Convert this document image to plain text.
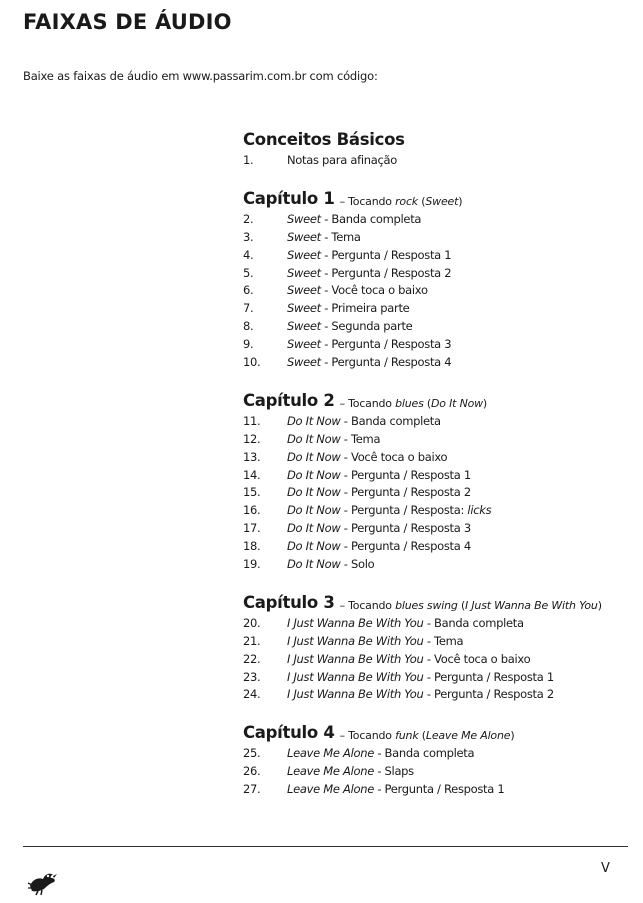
FAIXAS DE ÁUDIO
Baixe as faixas de áudio em www.passarim.com.br com código:
Conceitos Básicos
1.	Notas para afinação
Capítulo 1 – Tocando rock (Sweet)
2.	Sweet - Banda completa
3.	Sweet - Tema
4.	Sweet - Pergunta / Resposta 1
5.	Sweet - Pergunta / Resposta 2
6.	Sweet - Você toca o baixo
7.	Sweet - Primeira parte
8.	Sweet - Segunda parte
9.	Sweet - Pergunta / Resposta 3
10.	Sweet - Pergunta / Resposta 4
Capítulo 2 – Tocando blues (Do It Now)
11.	Do It Now - Banda completa
12.	Do It Now - Tema
13.	Do It Now - Você toca o baixo
14.	Do It Now - Pergunta / Resposta 1
15.	Do It Now - Pergunta / Resposta 2
16.	Do It Now - Pergunta / Resposta: licks
17.	Do It Now - Pergunta / Resposta 3
18.	Do It Now - Pergunta / Resposta 4
19.	Do It Now - Solo
Capítulo 3 – Tocando blues swing (I Just Wanna Be With You)
20.	I Just Wanna Be With You - Banda completa
21.	I Just Wanna Be With You - Tema
22.	I Just Wanna Be With You - Você toca o baixo
23.	I Just Wanna Be With You - Pergunta / Resposta 1
24.	I Just Wanna Be With You - Pergunta / Resposta 2
Capítulo 4 – Tocando funk (Leave Me Alone)
25.	Leave Me Alone - Banda completa
26.	Leave Me Alone - Slaps
27.	Leave Me Alone - Pergunta / Resposta 1
V
